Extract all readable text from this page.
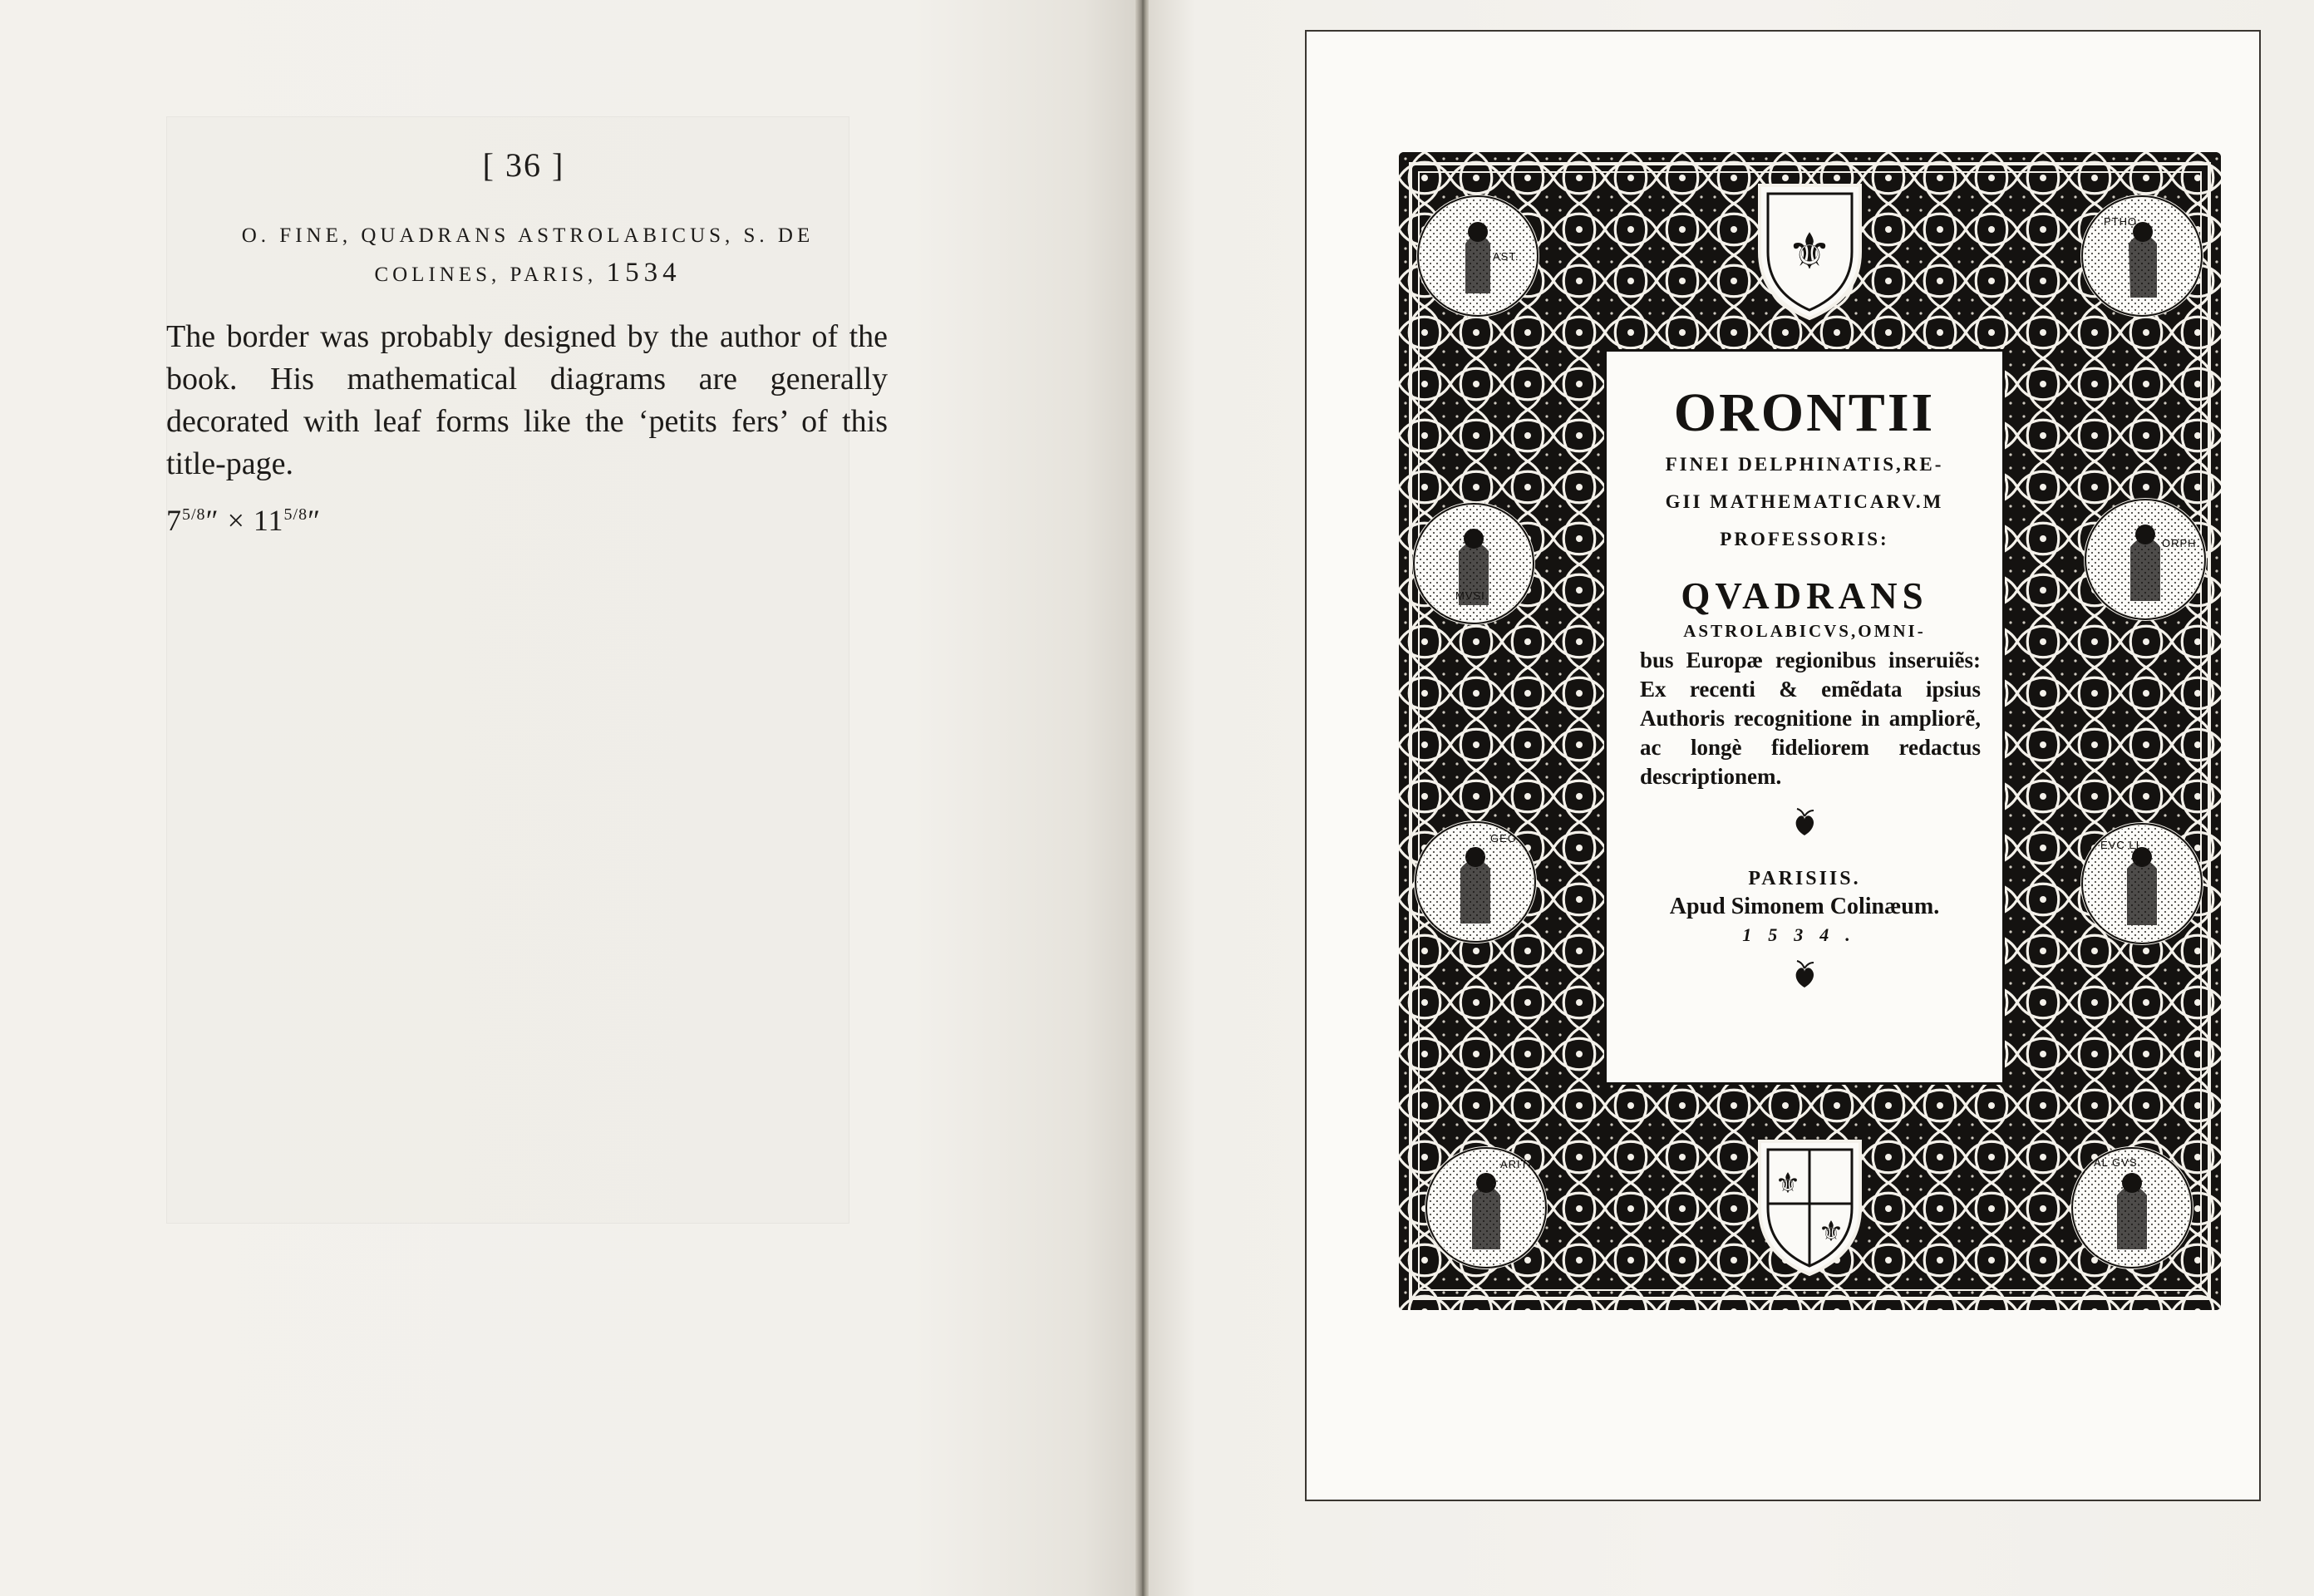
[ 36 ]
O. FINE, QUADRANS ASTROLABICUS, S. DE
COLINES, PARIS, 1534
The border was probably designed by the author of the book. His mathematical diagrams are generally decorated with leaf forms like the ‘petits fers’ of this title-page.
$7^{5/8}'' \times 11^{5/8}''$
AST.	⚜
PTHO.
MVSI.
ORPH.
GEO
EVC LI.
ARITH.
⚜
⚜
AL GVS.
ORONTII
FINEI DELPHINATIS,RE-
GII MATHEMATICARV.M
PROFESSORIS:
QVADRANS
ASTROLABICVS,OMNI-
bus Europæ regionibus inseruiẽs: Ex recenti & emẽdata ipsius Authoris recognitione in ampliorẽ, ac longè fideliorem redactus descriptionem.
PARISIIS.
Apud Simonem Colinæum.
1534.
